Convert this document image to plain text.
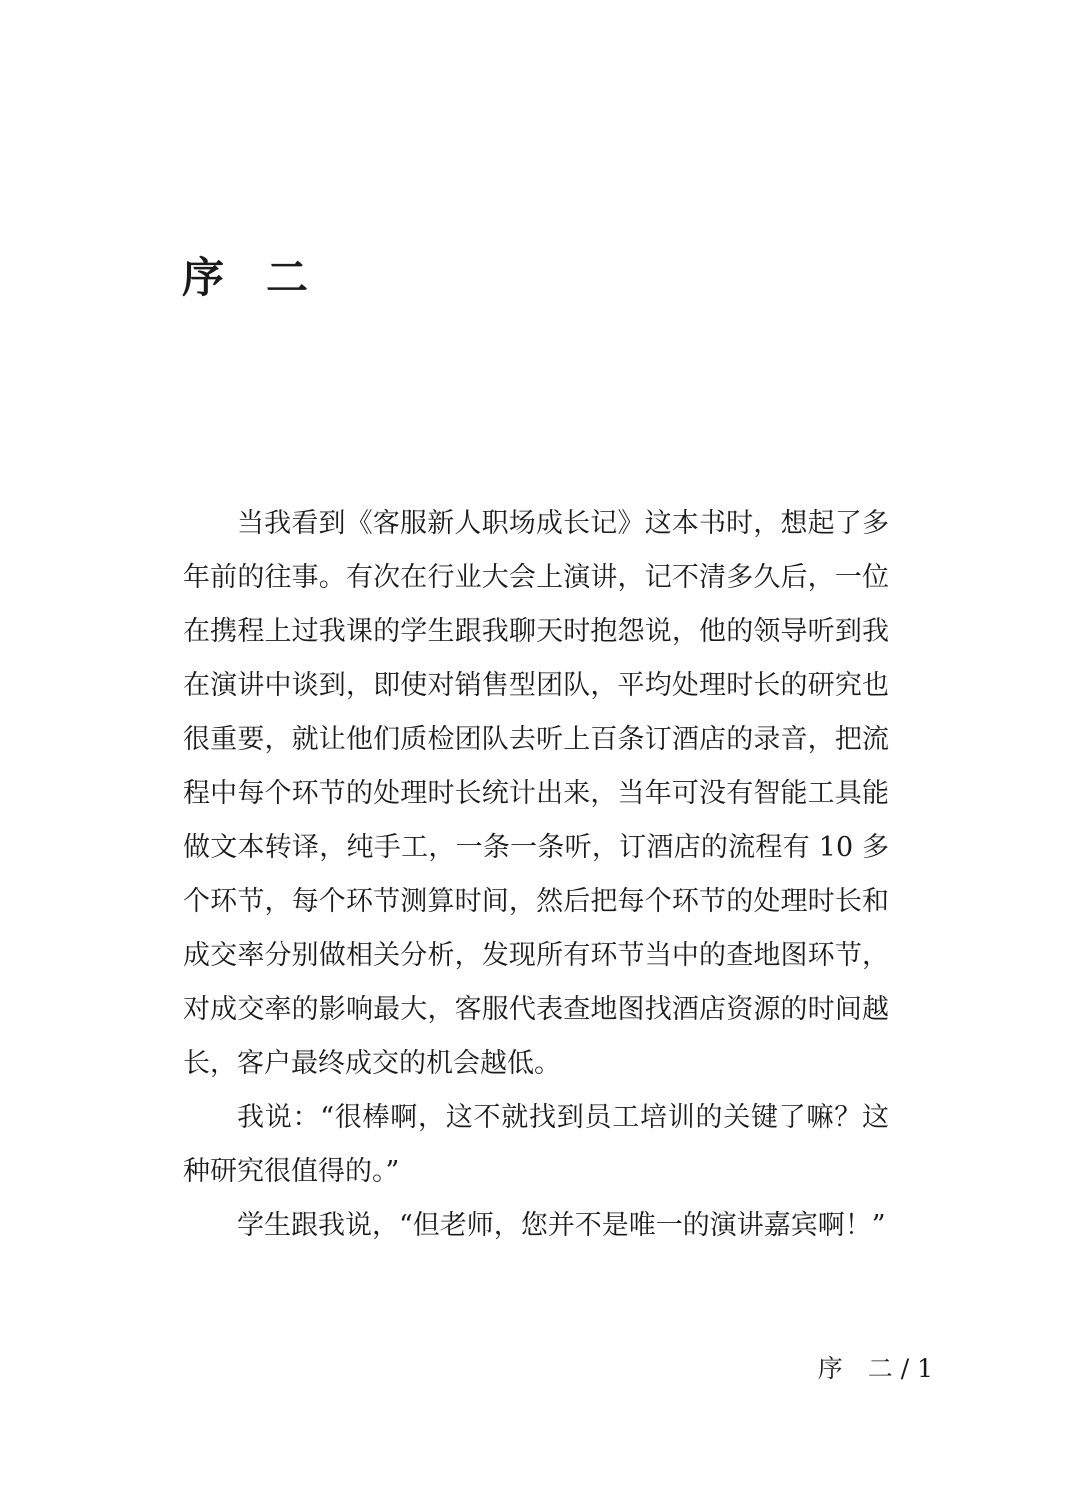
序　二

当我看到《客服新人职场成长记》这本书时，想起了多年前的往事。有次在行业大会上演讲，记不清多久后，一位在携程上过我课的学生跟我聊天时抱怨说，他的领导听到我在演讲中谈到，即使对销售型团队，平均处理时长的研究也很重要，就让他们质检团队去听上百条订酒店的录音，把流程中每个环节的处理时长统计出来，当年可没有智能工具能做文本转译，纯手工，一条一条听，订酒店的流程有 10 多个环节，每个环节测算时间，然后把每个环节的处理时长和成交率分别做相关分析，发现所有环节当中的查地图环节，对成交率的影响最大，客服代表查地图找酒店资源的时间越长，客户最终成交的机会越低。

我说：“很棒啊，这不就找到员工培训的关键了嘛？这种研究很值得的。”

学生跟我说，“但老师，您并不是唯一的演讲嘉宾啊！”

序　二 / 1
